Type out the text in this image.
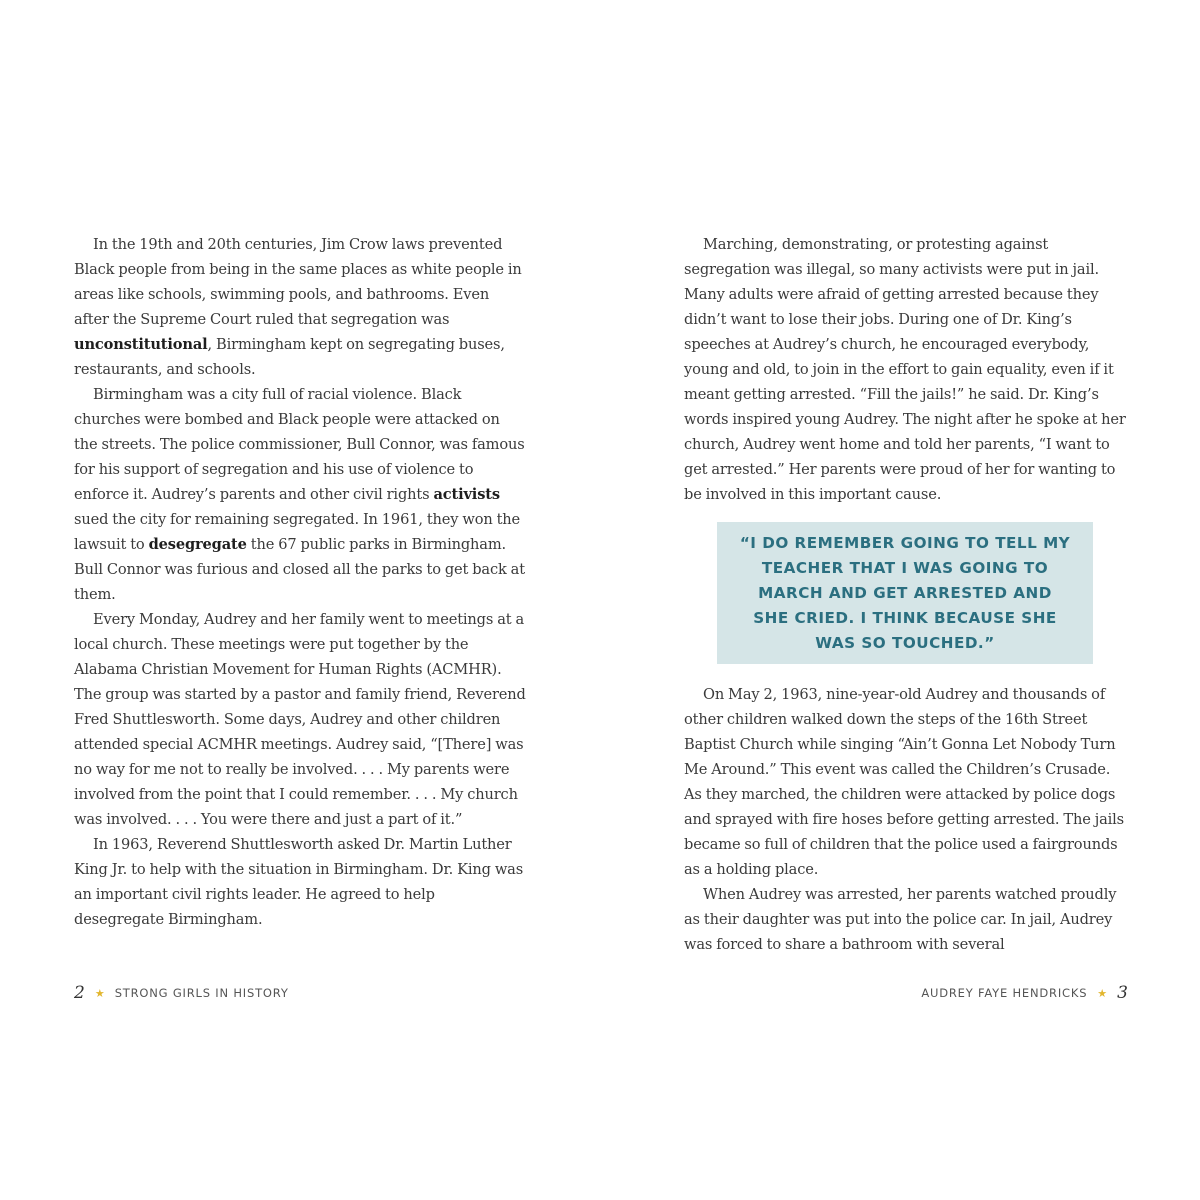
In the 19th and 20th centuries, Jim Crow laws prevented Black people from being in the same places as white people in areas like schools, swimming pools, and bathrooms. Even after the Supreme Court ruled that segregation was unconstitutional, Birmingham kept on segregating buses, restaurants, and schools.

Birmingham was a city full of racial violence. Black churches were bombed and Black people were attacked on the streets. The police commissioner, Bull Connor, was famous for his support of segregation and his use of violence to enforce it. Audrey’s parents and other civil rights activists sued the city for remaining segregated. In 1961, they won the lawsuit to desegregate the 67 public parks in Birmingham. Bull Connor was furious and closed all the parks to get back at them.

Every Monday, Audrey and her family went to meetings at a local church. These meetings were put together by the Alabama Christian Movement for Human Rights (ACMHR). The group was started by a pastor and family friend, Reverend Fred Shuttlesworth. Some days, Audrey and other children attended special ACMHR meetings. Audrey said, “[There] was no way for me not to really be involved. . . . My parents were involved from the point that I could remember. . . . My church was involved. . . . You were there and just a part of it.”

In 1963, Reverend Shuttlesworth asked Dr. Martin Luther King Jr. to help with the situation in Birmingham. Dr. King was an important civil rights leader. He agreed to help desegregate Birmingham.

2 ★ STRONG GIRLS IN HISTORY

Marching, demonstrating, or protesting against segregation was illegal, so many activists were put in jail. Many adults were afraid of getting arrested because they didn’t want to lose their jobs. During one of Dr. King’s speeches at Audrey’s church, he encouraged everybody, young and old, to join in the effort to gain equality, even if it meant getting arrested. “Fill the jails!” he said. Dr. King’s words inspired young Audrey. The night after he spoke at her church, Audrey went home and told her parents, “I want to get arrested.” Her parents were proud of her for wanting to be involved in this important cause.

“I DO REMEMBER GOING TO TELL MY TEACHER THAT I WAS GOING TO MARCH AND GET ARRESTED AND SHE CRIED. I THINK BECAUSE SHE WAS SO TOUCHED.”

On May 2, 1963, nine-year-old Audrey and thousands of other children walked down the steps of the 16th Street Baptist Church while singing “Ain’t Gonna Let Nobody Turn Me Around.” This event was called the Children’s Crusade. As they marched, the children were attacked by police dogs and sprayed with fire hoses before getting arrested. The jails became so full of children that the police used a fairgrounds as a holding place.

When Audrey was arrested, her parents watched proudly as their daughter was put into the police car. In jail, Audrey was forced to share a bathroom with several

AUDREY FAYE HENDRICKS ★ 3
